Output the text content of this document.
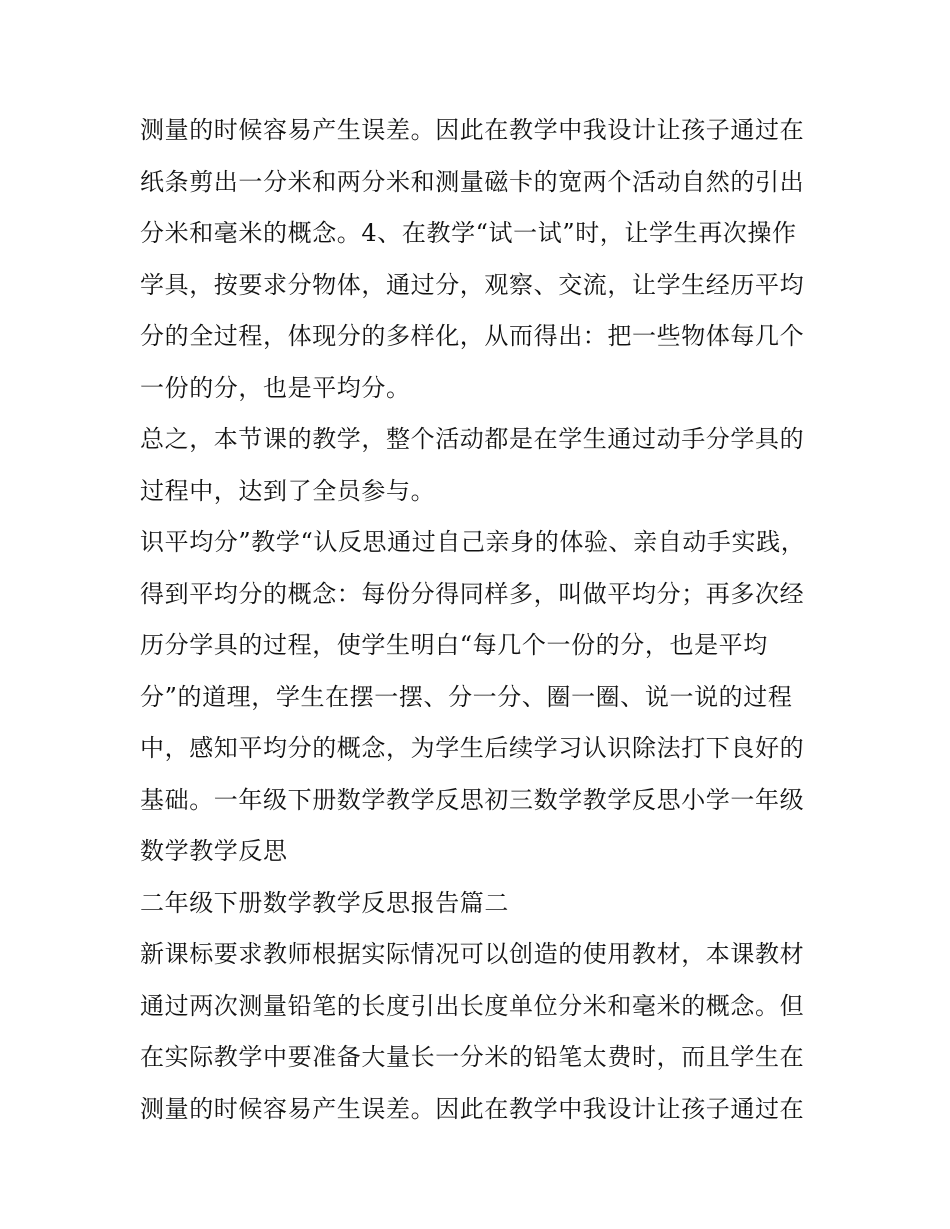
测量的时候容易产生误差。因此在教学中我设计让孩子通过在
纸条剪出一分米和两分米和测量磁卡的宽两个活动自然的引出
分米和毫米的概念。4、在教学“试一试”时，让学生再次操作
学具，按要求分物体，通过分，观察、交流，让学生经历平均
分的全过程，体现分的多样化，从而得出：把一些物体每几个
一份的分，也是平均分。
总之，本节课的教学，整个活动都是在学生通过动手分学具的
过程中，达到了全员参与。
识平均分”教学“认反思通过自己亲身的体验、亲自动手实践，
得到平均分的概念：每份分得同样多，叫做平均分；再多次经
历分学具的过程，使学生明白“每几个一份的分，也是平均
分”的道理，学生在摆一摆、分一分、圈一圈、说一说的过程
中，感知平均分的概念，为学生后续学习认识除法打下良好的
基础。一年级下册数学教学反思初三数学教学反思小学一年级
数学教学反思
二年级下册数学教学反思报告篇二
新课标要求教师根据实际情况可以创造的使用教材，本课教材
通过两次测量铅笔的长度引出长度单位分米和毫米的概念。但
在实际教学中要准备大量长一分米的铅笔太费时，而且学生在
测量的时候容易产生误差。因此在教学中我设计让孩子通过在
